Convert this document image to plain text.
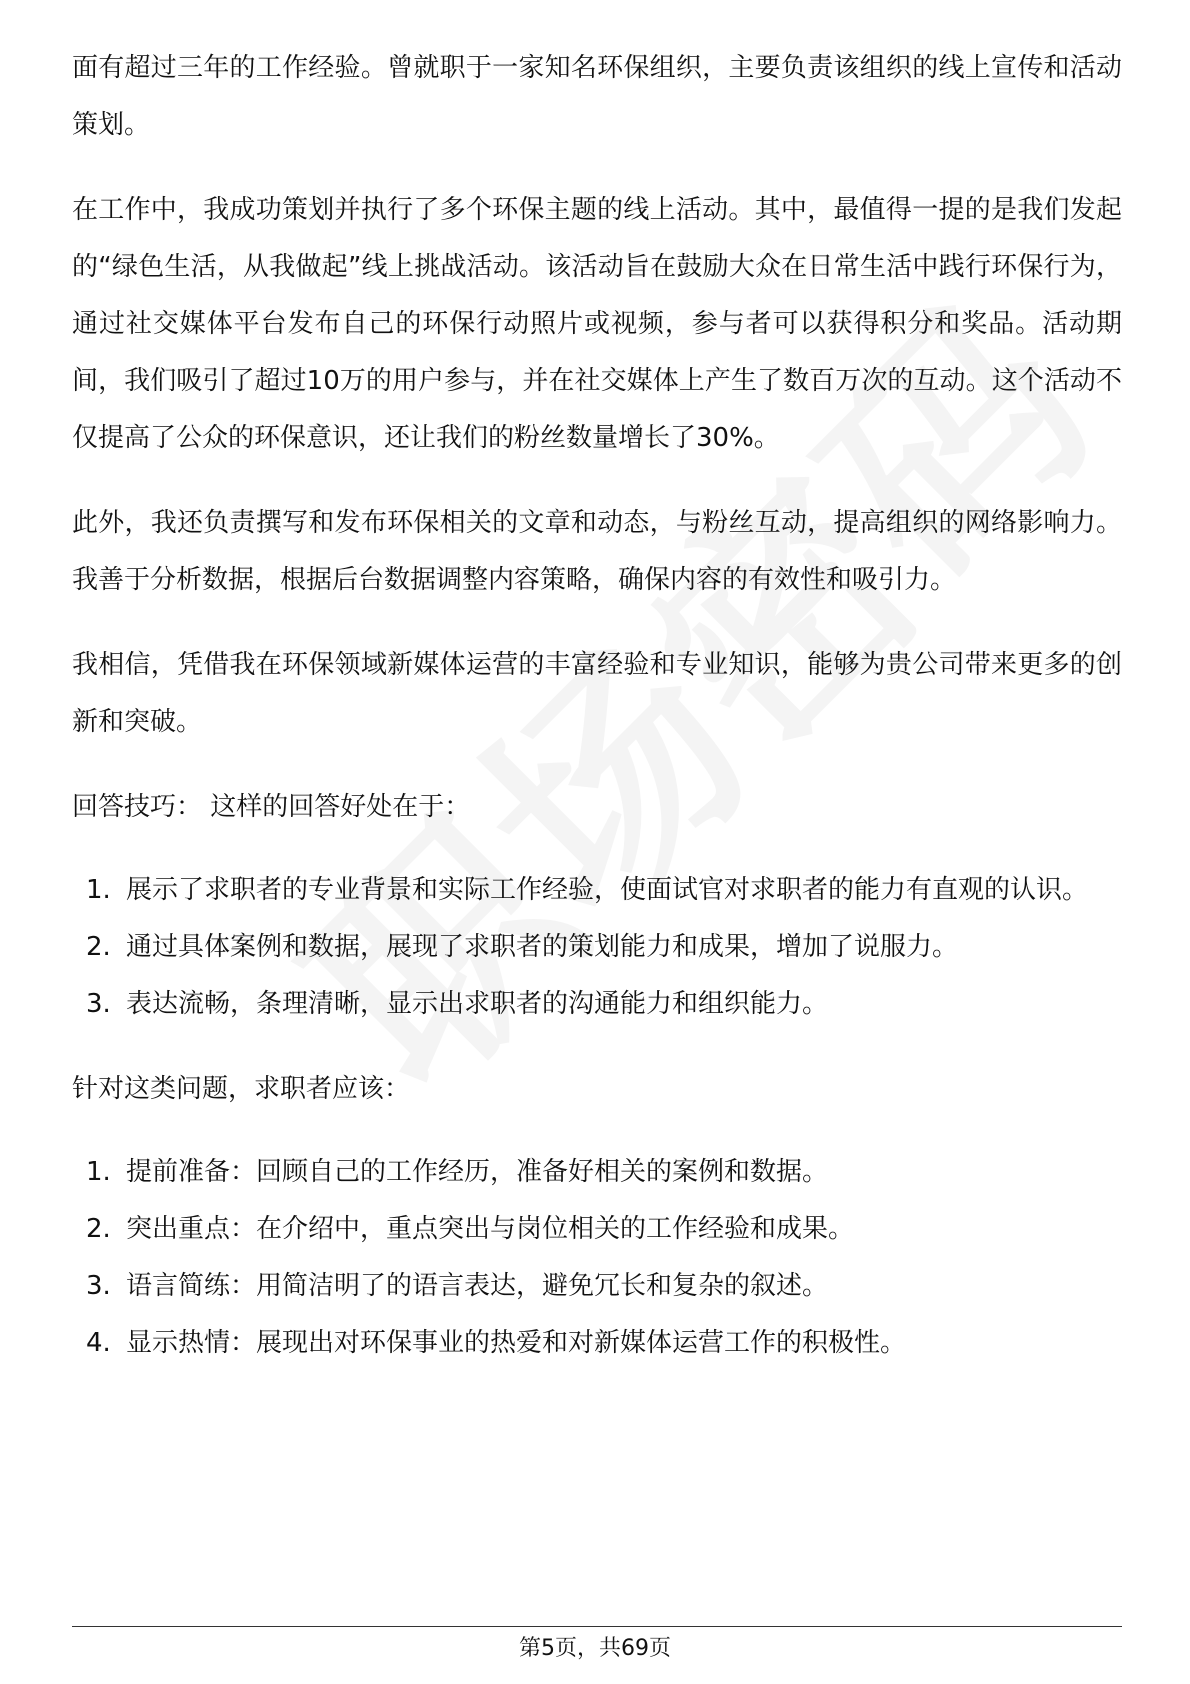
面有超过三年的工作经验。曾就职于一家知名环保组织，主要负责该组织的线上宣传和活动策划。

在工作中，我成功策划并执行了多个环保主题的线上活动。其中，最值得一提的是我们发起的“绿色生活，从我做起”线上挑战活动。该活动旨在鼓励大众在日常生活中践行环保行为，通过社交媒体平台发布自己的环保行动照片或视频，参与者可以获得积分和奖品。活动期间，我们吸引了超过10万的用户参与，并在社交媒体上产生了数百万次的互动。这个活动不仅提高了公众的环保意识，还让我们的粉丝数量增长了30%。

此外，我还负责撰写和发布环保相关的文章和动态，与粉丝互动，提高组织的网络影响力。我善于分析数据，根据后台数据调整内容策略，确保内容的有效性和吸引力。

我相信，凭借我在环保领域新媒体运营的丰富经验和专业知识，能够为贵公司带来更多的创新和突破。

回答技巧： 这样的回答好处在于：
1. 展示了求职者的专业背景和实际工作经验，使面试官对求职者的能力有直观的认识。
2. 通过具体案例和数据，展现了求职者的策划能力和成果，增加了说服力。
3. 表达流畅，条理清晰，显示出求职者的沟通能力和组织能力。
针对这类问题，求职者应该：
1. 提前准备：回顾自己的工作经历，准备好相关的案例和数据。
2. 突出重点：在介绍中，重点突出与岗位相关的工作经验和成果。
3. 语言简练：用简洁明了的语言表达，避免冗长和复杂的叙述。
4. 显示热情：展现出对环保事业的热爱和对新媒体运营工作的积极性。
第5页，共69页
